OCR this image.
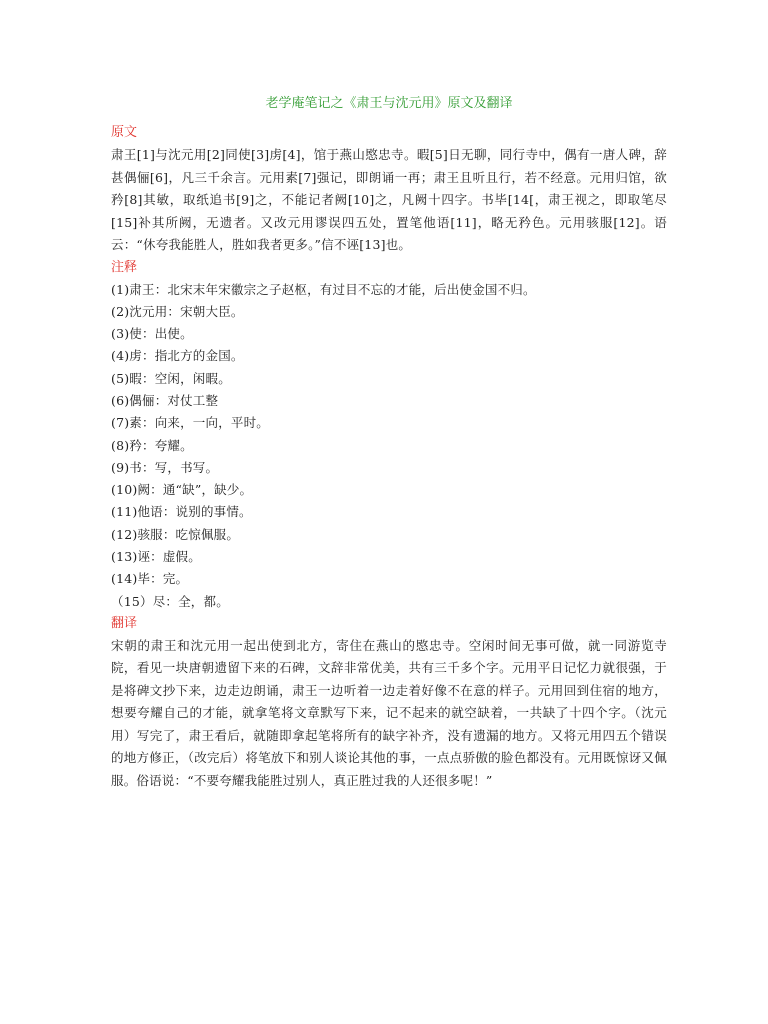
老学庵笔记之《肃王与沈元用》原文及翻译
原文

肃王[1]与沈元用[2]同使[3]虏[4]，馆于燕山愍忠寺。暇[5]日无聊，同行寺中，偶有一唐人碑，辞甚偶俪[6]，凡三千余言。元用素[7]强记，即朗诵一再；肃王且听且行，若不经意。元用归馆，欲矜[8]其敏，取纸追书[9]之，不能记者阙[10]之，凡阙十四字。书毕[14[，肃王视之，即取笔尽[15]补其所阙，无遗者。又改元用谬误四五处，置笔他语[11]，略无矜色。元用骇服[12]。语云：“休夸我能胜人，胜如我者更多。”信不诬[13]也。

注释
(1)肃王：北宋末年宋徽宗之子赵枢，有过目不忘的才能，后出使金国不归。
(2)沈元用：宋朝大臣。
(3)使：出使。
(4)虏：指北方的金国。
(5)暇：空闲，闲暇。
(6)偶俪：对仗工整
(7)素：向来，一向，平时。
(8)矜：夸耀。
(9)书：写，书写。
(10)阙：通“缺”，缺少。
(11)他语：说别的事情。
(12)骇服：吃惊佩服。
(13)诬：虚假。
(14)毕：完。
（15）尽：全，都。
翻译

宋朝的肃王和沈元用一起出使到北方，寄住在燕山的愍忠寺。空闲时间无事可做，就一同游览寺院，看见一块唐朝遗留下来的石碑，文辞非常优美，共有三千多个字。元用平日记忆力就很强，于是将碑文抄下来，边走边朗诵，肃王一边听着一边走着好像不在意的样子。元用回到住宿的地方，想要夸耀自己的才能，就拿笔将文章默写下来，记不起来的就空缺着，一共缺了十四个字。（沈元用）写完了，肃王看后，就随即拿起笔将所有的缺字补齐，没有遗漏的地方。又将元用四五个错误的地方修正，（改完后）将笔放下和别人谈论其他的事，一点点骄傲的脸色都没有。元用既惊讶又佩服。俗语说：“不要夸耀我能胜过别人，真正胜过我的人还很多呢！”
